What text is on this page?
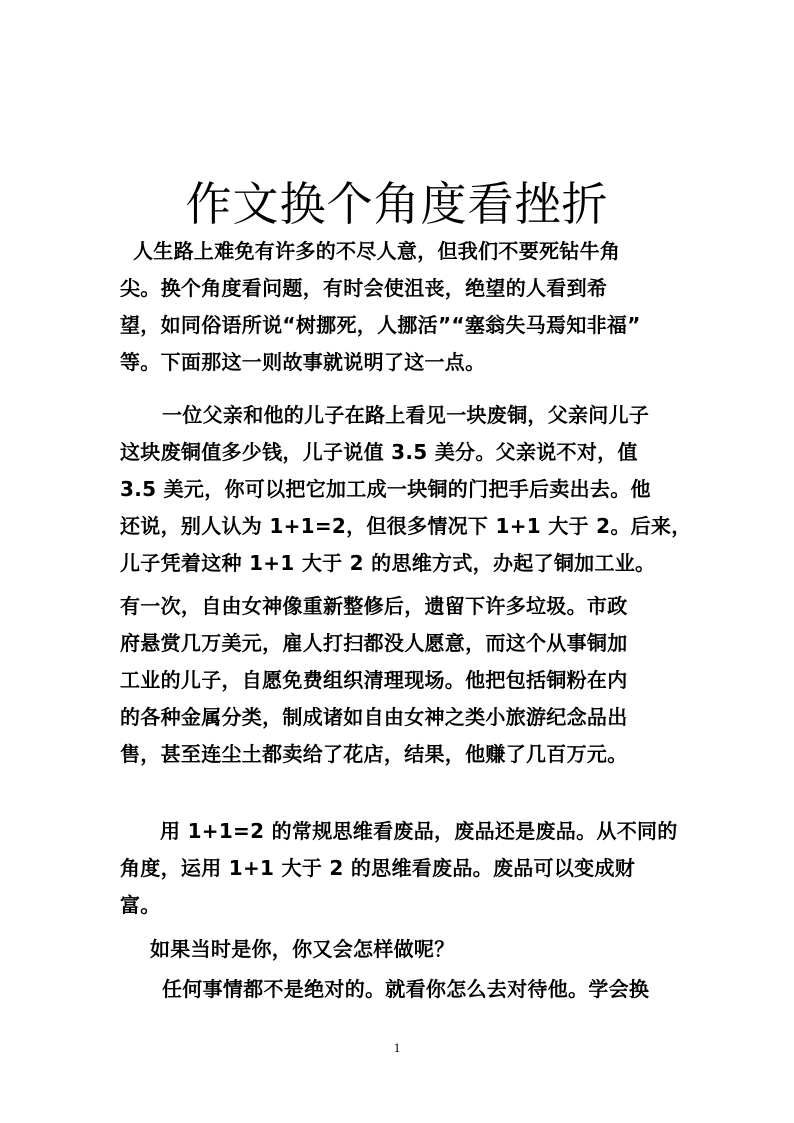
作文换个角度看挫折
人生路上难免有许多的不尽人意，但我们不要死钻牛角
尖。换个角度看问题，有时会使沮丧，绝望的人看到希
望，如同俗语所说“树挪死，人挪活”“塞翁失马焉知非福”
等。下面那这一则故事就说明了这一点。
一位父亲和他的儿子在路上看见一块废铜，父亲问儿子
这块废铜值多少钱，儿子说值 3.5 美分。父亲说不对，值
3.5 美元，你可以把它加工成一块铜的门把手后卖出去。他
还说，别人认为 1+1=2，但很多情况下 1+1 大于 2。后来，
儿子凭着这种 1+1 大于 2 的思维方式，办起了铜加工业。
有一次，自由女神像重新整修后，遗留下许多垃圾。市政
府悬赏几万美元，雇人打扫都没人愿意，而这个从事铜加
工业的儿子，自愿免费组织清理现场。他把包括铜粉在内
的各种金属分类，制成诸如自由女神之类小旅游纪念品出
售，甚至连尘土都卖给了花店，结果，他赚了几百万元。
用 1+1=2 的常规思维看废品，废品还是废品。从不同的
角度，运用 1+1 大于 2 的思维看废品。废品可以变成财
富。
如果当时是你，你又会怎样做呢？
任何事情都不是绝对的。就看你怎么去对待他。学会换
1
